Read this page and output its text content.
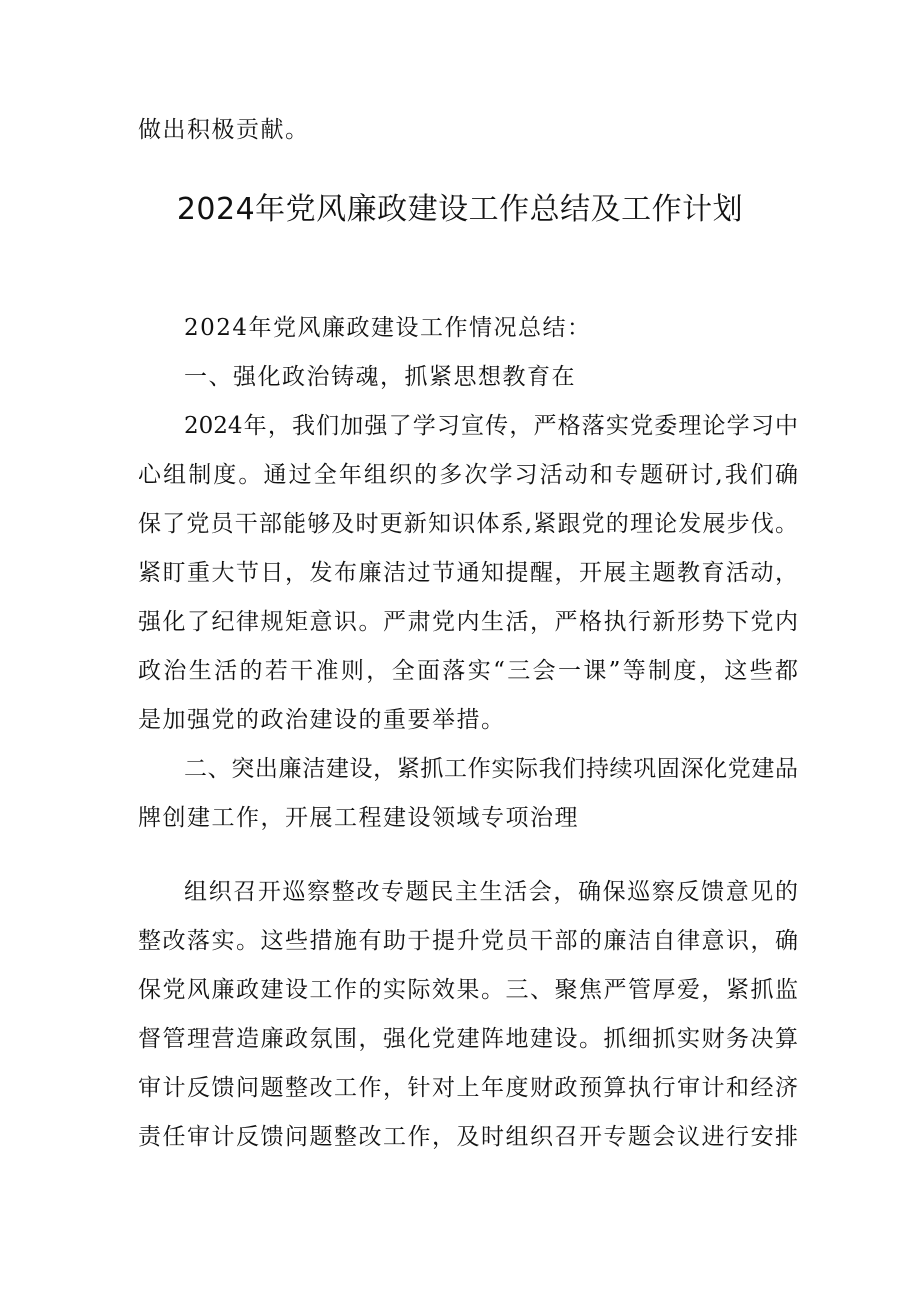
做出积极贡献。
2024年党风廉政建设工作总结及工作计划
2024年党风廉政建设工作情况总结：
一、强化政治铸魂，抓紧思想教育在
2024年，我们加强了学习宣传，严格落实党委理论学习中
心组制度。通过全年组织的多次学习活动和专题研讨,我们确
保了党员干部能够及时更新知识体系,紧跟党的理论发展步伐。
紧盯重大节日，发布廉洁过节通知提醒，开展主题教育活动，
强化了纪律规矩意识。严肃党内生活，严格执行新形势下党内
政治生活的若干准则，全面落实“三会一课”等制度，这些都
是加强党的政治建设的重要举措。
二、突出廉洁建设，紧抓工作实际我们持续巩固深化党建品
牌创建工作，开展工程建设领域专项治理
组织召开巡察整改专题民主生活会，确保巡察反馈意见的
整改落实。这些措施有助于提升党员干部的廉洁自律意识，确
保党风廉政建设工作的实际效果。三、聚焦严管厚爱，紧抓监
督管理营造廉政氛围，强化党建阵地建设。抓细抓实财务决算
审计反馈问题整改工作，针对上年度财政预算执行审计和经济
责任审计反馈问题整改工作，及时组织召开专题会议进行安排
